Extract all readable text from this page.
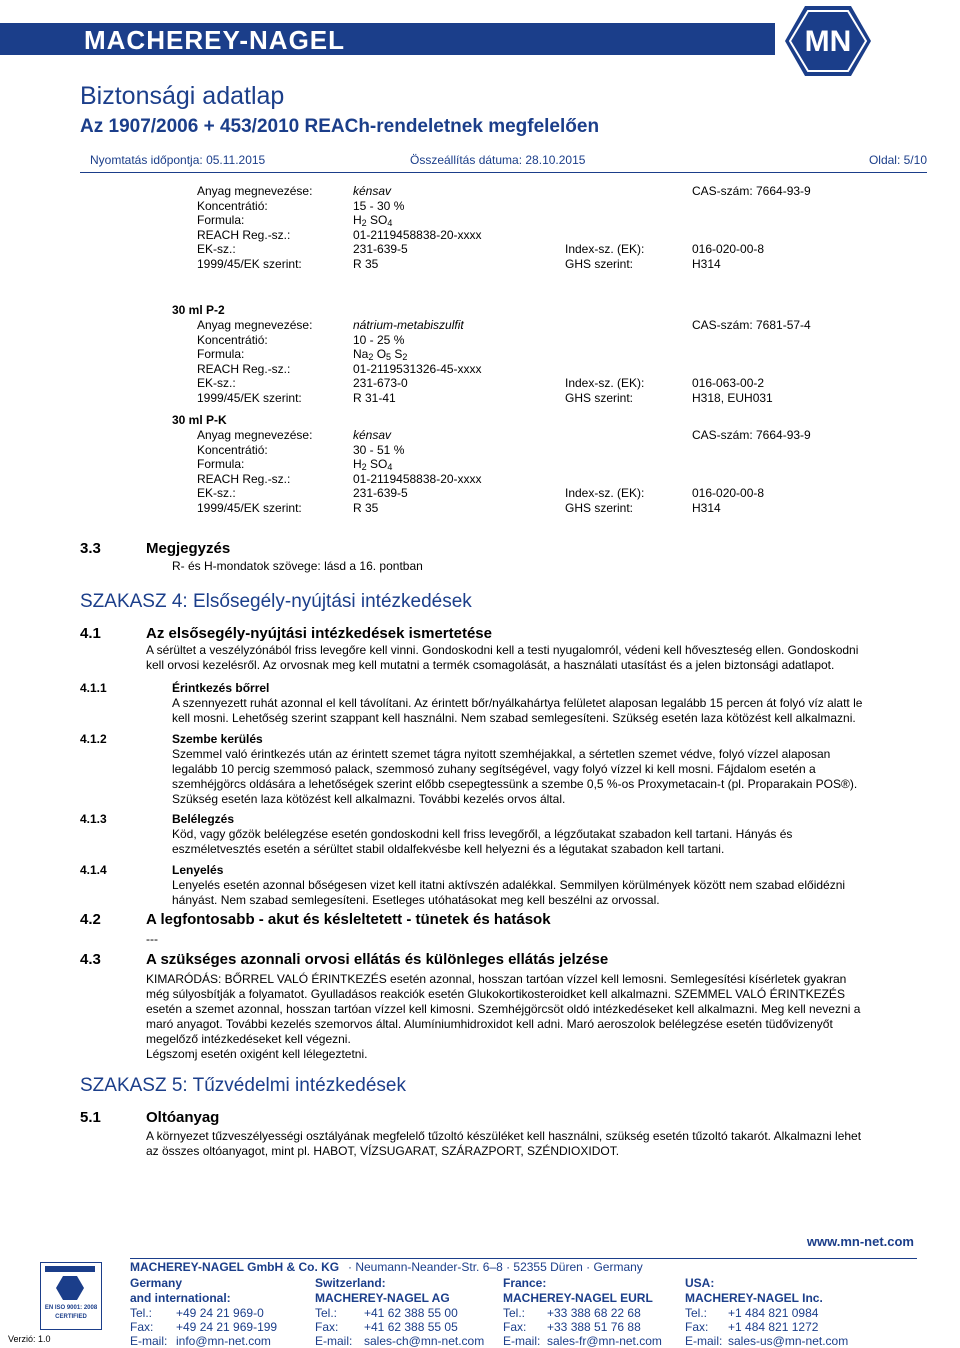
MACHEREY-NAGEL	MN
Biztonsági adatlap
Az 1907/2006 + 453/2010 REACh-rendeletnek megfelelően
Nyomtatás időpontja: 05.11.2015	Összeállítás dátuma: 28.10.2015	Oldal: 5/10
Anyag megnevezése:	kénsav	CAS-szám: 7664-93-9
Koncentrátió:	15 - 30 %
Formula:	$H_2$ $SO_4$
REACH Reg.-sz.:	01-2119458838-20-xxxx
EK-sz.:	231-639-5	Index-sz. (EK):	016-020-00-8
1999/45/EK szerint:	R 35	GHS szerint:	H314
30 ml P-2
Anyag megnevezése:	nátrium-metabiszulfit	CAS-szám: 7681-57-4
Koncentrátió:	10 - 25 %
Formula:	$Na_2$ $O_5$ $S_2$
REACH Reg.-sz.:	01-2119531326-45-xxxx
EK-sz.:	231-673-0	Index-sz. (EK):	016-063-00-2
1999/45/EK szerint:	R 31-41	GHS szerint:	H318, EUH031
30 ml P-K
Anyag megnevezése:	kénsav	CAS-szám: 7664-93-9
Koncentrátió:	30 - 51 %
Formula:	$H_2$ $SO_4$
REACH Reg.-sz.:	01-2119458838-20-xxxx
EK-sz.:	231-639-5	Index-sz. (EK):	016-020-00-8
1999/45/EK szerint:	R 35	GHS szerint:	H314
3.3	Megjegyzés
R- és H-mondatok szövege: lásd a 16. pontban
SZAKASZ 4: Elsősegély-nyújtási intézkedések
4.1	Az elsősegély-nyújtási intézkedések ismertetése
A sérültet a veszélyzónából friss levegőre kell vinni. Gondoskodni kell a testi nyugalomról, védeni kell hőveszteség ellen. Gondoskodni
kell orvosi kezelésről. Az orvosnak meg kell mutatni a termék csomagolását, a használati utasítást és a jelen biztonsági adatlapot.
4.1.1	Érintkezés bőrrel
A szennyezett ruhát azonnal el kell távolítani. Az érintett bőr/nyálkahártya felületet alaposan legalább 15 percen át folyó víz alatt le
kell mosni. Lehetőség szerint szappant kell használni. Nem szabad semlegesíteni. Szükség esetén laza kötözést kell alkalmazni.
4.1.2	Szembe kerülés
Szemmel való érintkezés után az érintett szemet tágra nyitott szemhéjakkal, a sértetlen szemet védve, folyó vízzel alaposan
legalább 10 percig szemmosó palack, szemmosó zuhany segítségével, vagy folyó vízzel ki kell mosni. Fájdalom esetén a
szemhéjgörcs oldására a lehetőségek szerint előbb csepegtessünk a szembe 0,5 %-os Proxymetacain-t (pl. Proparakain POS®).
Szükség esetén laza kötözést kell alkalmazni. További kezelés orvos által.
4.1.3	Belélegzés
Köd, vagy gőzök belélegzése esetén gondoskodni kell friss levegőről, a légzőutakat szabadon kell tartani. Hányás és
eszméletvesztés esetén a sérültet stabil oldalfekvésbe kell helyezni és a légutakat szabadon kell tartani.
4.1.4	Lenyelés
Lenyelés esetén azonnal bőségesen vizet kell itatni aktívszén adalékkal. Semmilyen körülmények között nem szabad előidézni
hányást. Nem szabad semlegesíteni. Esetleges utóhatásokat meg kell beszélni az orvossal.
4.2	A legfontosabb - akut és késleltetett - tünetek és hatások
---
4.3	A szükséges azonnali orvosi ellátás és különleges ellátás jelzése
KIMARÓDÁS: BŐRREL VALÓ ÉRINTKEZÉS esetén azonnal, hosszan tartóan vízzel kell lemosni. Semlegesítési kísérletek gyakran
még súlyosbítják a folyamatot. Gyulladásos reakciók esetén Glukokortikosteroidket kell alkalmazni. SZEMMEL VALÓ ÉRINTKEZÉS
esetén a szemet azonnal, hosszan tartóan vízzel kell kimosni. Szemhéjgörcsöt oldó intézkedéseket kell alkalmazni. Meg kell nevezni a
maró anyagot. További kezelés szemorvos által. Alumíniumhidroxidot kell adni. Maró aeroszolok belélegzése esetén tüdővizenyőt
megelőző intézkedéseket kell végezni.
Légszomj esetén oxigént kell lélegeztetni.
SZAKASZ 5: Tűzvédelmi intézkedések
5.1	Oltóanyag
A környezet tűzveszélyességi osztályának megfelelő tűzoltó készüléket kell használni, szükség esetén tűzoltó takarót. Alkalmazni lehet
az összes oltóanyagot, mint pl. HABOT, VÍZSUGARAT, SZÁRAZPORT, SZÉNDIOXIDOT.
www.mn-net.com
MACHEREY-NAGEL GmbH & Co. KG · Neumann-Neander-Str. 6–8 · 52355 Düren · Germany
EN ISO 9001: 2008
CERTIFIED
Verzió: 1.0
Germany
and international:
Tel.: +49 24 21 969-0
Fax: +49 24 21 969-199
E-mail: info@mn-net.com
Switzerland:
MACHEREY-NAGEL AG
Tel.: +41 62 388 55 00
Fax: +41 62 388 55 05
E-mail: sales-ch@mn-net.com
France:
MACHEREY-NAGEL EURL
Tel.: +33 388 68 22 68
Fax: +33 388 51 76 88
E-mail: sales-fr@mn-net.com
USA:
MACHEREY-NAGEL Inc.
Tel.: +1 484 821 0984
Fax: +1 484 821 1272
E-mail: sales-us@mn-net.com
